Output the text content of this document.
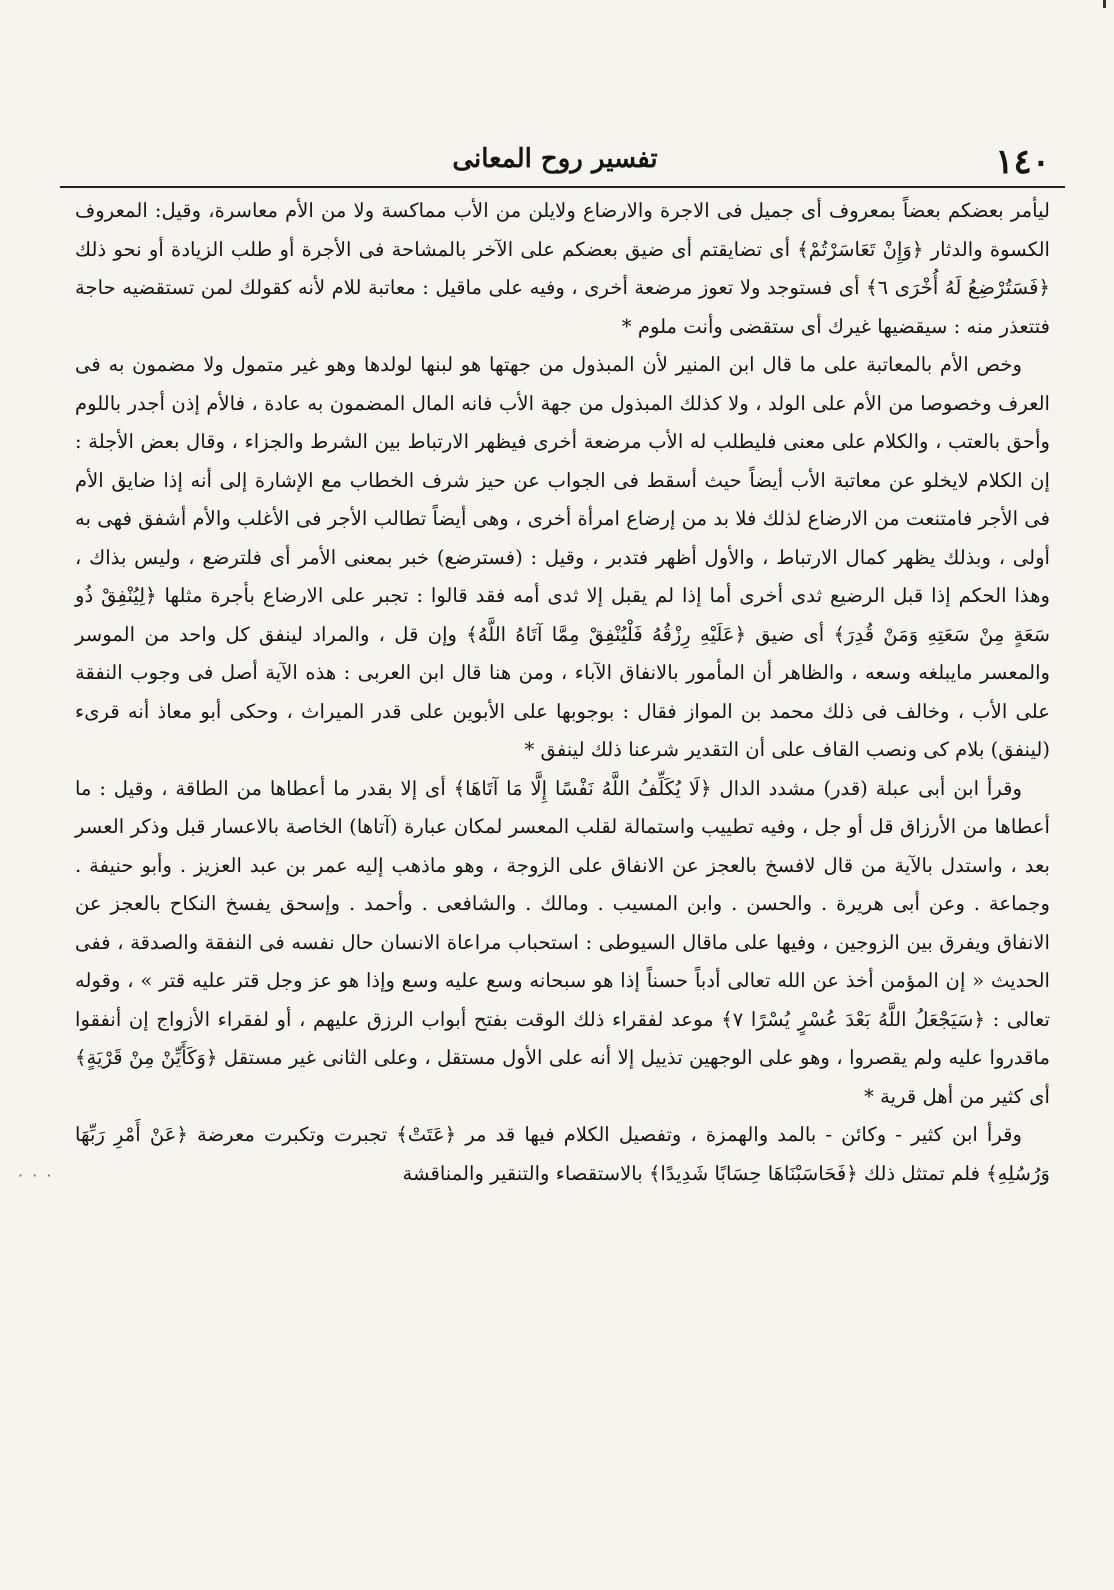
١٤٠
تفسير روح المعانى

ليأمر بعضكم بعضاً بمعروف أى جميل فى الاجرة والارضاع ولايلن من الأب مماكسة ولا من الأم معاسرة، وقيل: المعروف الكسوة والدثار ﴿وَإِنْ تَعَاسَرْتُمْ﴾ أى تضايقتم أى ضيق بعضكم على الآخر بالمشاحة فى الأجرة أو طلب الزيادة أو نحو ذلك ﴿فَسَتُرْضِعُ لَهُ أُخْرَى ٦﴾ أى فستوجد ولا تعوز مرضعة أخرى ، وفيه على ماقيل : معاتبة للام لأنه كقولك لمن تستقضيه حاجة فتتعذر منه : سيقضيها غيرك أى ستقضى وأنت ملوم *

وخص الأم بالمعاتبة على ما قال ابن المنير لأن المبذول من جهتها هو لبنها لولدها وهو غير متمول ولا مضمون به فى العرف وخصوصا من الأم على الولد ، ولا كذلك المبذول من جهة الأب فانه المال المضمون به عادة ، فالأم إذن أجدر باللوم وأحق بالعتب ، والكلام على معنى فليطلب له الأب مرضعة أخرى فيظهر الارتباط بين الشرط والجزاء ، وقال بعض الأجلة : إن الكلام لايخلو عن معاتبة الأب أيضاً حيث أسقط فى الجواب عن حيز شرف الخطاب مع الإشارة إلى أنه إذا ضايق الأم فى الأجر فامتنعت من الارضاع لذلك فلا بد من إرضاع امرأة أخرى ، وهى أيضاً تطالب الأجر فى الأغلب والأم أشفق فهى به أولى ، وبذلك يظهر كمال الارتباط ، والأول أظهر فتدبر ، وقيل : (فسترضع) خبر بمعنى الأمر أى فلترضع ، وليس بذاك ، وهذا الحكم إذا قبل الرضيع ثدى أخرى أما إذا لم يقبل إلا ثدى أمه فقد قالوا : تجبر على الارضاع بأجرة مثلها ﴿لِيُنْفِقْ ذُو سَعَةٍ مِنْ سَعَتِهِ وَمَنْ قُدِرَ﴾ أى ضيق ﴿عَلَيْهِ رِزْقُهُ فَلْيُنْفِقْ مِمَّا آتَاهُ اللَّهُ﴾ وإن قل ، والمراد لينفق كل واحد من الموسر والمعسر مايبلغه وسعه ، والظاهر أن المأمور بالانفاق الآباء ، ومن هنا قال ابن العربى : هذه الآية أصل فى وجوب النفقة على الأب ، وخالف فى ذلك محمد بن المواز فقال : بوجوبها على الأبوين على قدر الميراث ، وحكى أبو معاذ أنه قرىء (لينفق) بلام كى ونصب القاف على أن التقدير شرعنا ذلك لينفق *

وقرأ ابن أبى عبلة (قدر) مشدد الدال ﴿لَا يُكَلِّفُ اللَّهُ نَفْسًا إِلَّا مَا آتَاهَا﴾ أى إلا بقدر ما أعطاها من الطاقة ، وقيل : ما أعطاها من الأرزاق قل أو جل ، وفيه تطييب واستمالة لقلب المعسر لمكان عبارة (آتاها) الخاصة بالاعسار قبل وذكر العسر بعد ، واستدل بالآية من قال لافسخ بالعجز عن الانفاق على الزوجة ، وهو ماذهب إليه عمر بن عبد العزيز . وأبو حنيفة . وجماعة . وعن أبى هريرة . والحسن . وابن المسيب . ومالك . والشافعى . وأحمد . وإسحق يفسخ النكاح بالعجز عن الانفاق ويفرق بين الزوجين ، وفيها على ماقال السيوطى : استحباب مراعاة الانسان حال نفسه فى النفقة والصدقة ، ففى الحديث « إن المؤمن أخذ عن الله تعالى أدباً حسناً إذا هو سبحانه وسع عليه وسع وإذا هو عز وجل قتر عليه قتر » ، وقوله تعالى : ﴿سَيَجْعَلُ اللَّهُ بَعْدَ عُسْرٍ يُسْرًا ٧﴾ موعد لفقراء ذلك الوقت بفتح أبواب الرزق عليهم ، أو لفقراء الأزواج إن أنفقوا ماقدروا عليه ولم يقصروا ، وهو على الوجهين تذييل إلا أنه على الأول مستقل ، وعلى الثانى غير مستقل ﴿وَكَأَيِّنْ مِنْ قَرْيَةٍ﴾ أى كثير من أهل قرية *

وقرأ ابن كثير - وكائن - بالمد والهمزة ، وتفصيل الكلام فيها قد مر ﴿عَتَتْ﴾ تجبرت وتكبرت معرضة ﴿عَنْ أَمْرِ رَبِّهَا وَرُسُلِهِ﴾ فلم تمتثل ذلك ﴿فَحَاسَبْنَاهَا حِسَابًا شَدِيدًا﴾ بالاستقصاء والتنقير والمناقشة

· · ·
